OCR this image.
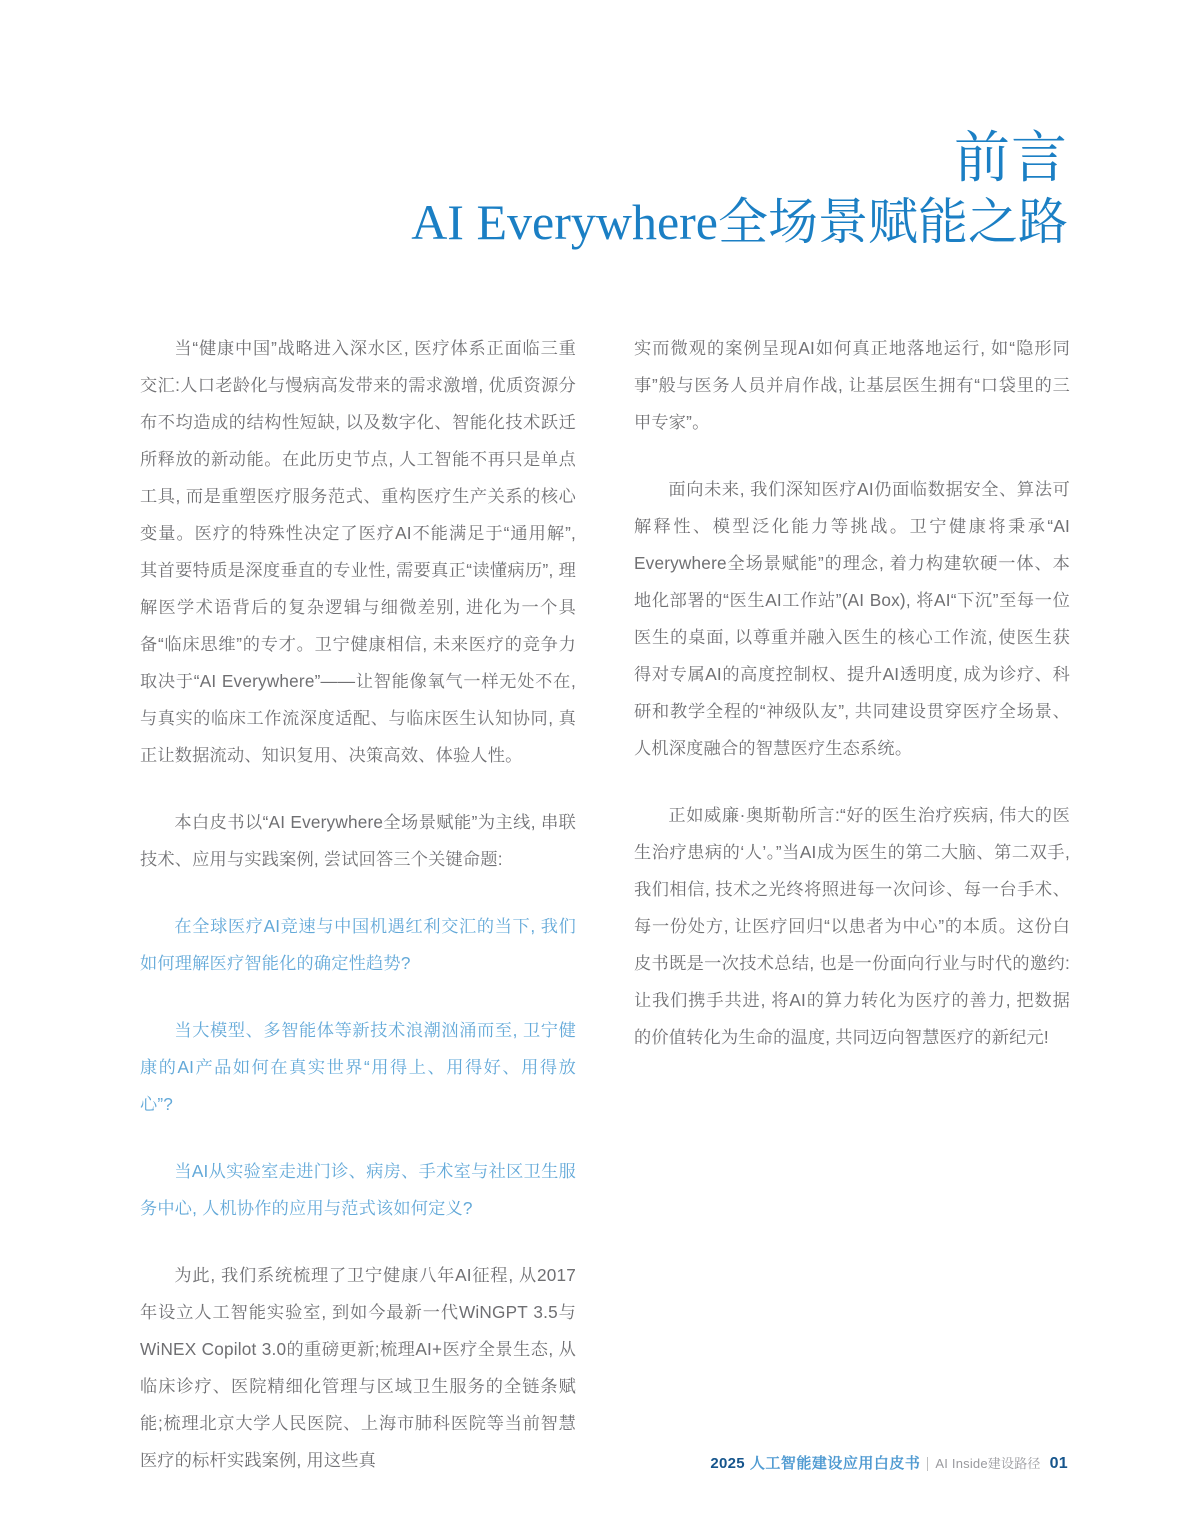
前言
AI Everywhere全场景赋能之路

当“健康中国”战略进入深水区, 医疗体系正面临三重交汇:人口老龄化与慢病高发带来的需求激增, 优质资源分布不均造成的结构性短缺, 以及数字化、智能化技术跃迁所释放的新动能。在此历史节点, 人工智能不再只是单点工具, 而是重塑医疗服务范式、重构医疗生产关系的核心变量。医疗的特殊性决定了医疗AI不能满足于“通用解”, 其首要特质是深度垂直的专业性, 需要真正“读懂病历”, 理解医学术语背后的复杂逻辑与细微差别, 进化为一个具备“临床思维”的专才。卫宁健康相信, 未来医疗的竞争力取决于“AI Everywhere”——让智能像氧气一样无处不在, 与真实的临床工作流深度适配、与临床医生认知协同, 真正让数据流动、知识复用、决策高效、体验人性。

本白皮书以“AI Everywhere全场景赋能”为主线, 串联技术、应用与实践案例, 尝试回答三个关键命题:

在全球医疗AI竞速与中国机遇红利交汇的当下, 我们如何理解医疗智能化的确定性趋势?

当大模型、多智能体等新技术浪潮汹涌而至, 卫宁健康的AI产品如何在真实世界“用得上、用得好、用得放心”?

当AI从实验室走进门诊、病房、手术室与社区卫生服务中心, 人机协作的应用与范式该如何定义?

为此, 我们系统梳理了卫宁健康八年AI征程, 从2017年设立人工智能实验室, 到如今最新一代WiNGPT 3.5与WiNEX Copilot 3.0的重磅更新;梳理AI+医疗全景生态, 从临床诊疗、医院精细化管理与区域卫生服务的全链条赋能;梳理北京大学人民医院、上海市肺科医院等当前智慧医疗的标杆实践案例, 用这些真

实而微观的案例呈现AI如何真正地落地运行, 如“隐形同事”般与医务人员并肩作战, 让基层医生拥有“口袋里的三甲专家”。

面向未来, 我们深知医疗AI仍面临数据安全、算法可解释性、模型泛化能力等挑战。卫宁健康将秉承“AI Everywhere全场景赋能”的理念, 着力构建软硬一体、本地化部署的“医生AI工作站”(AI Box), 将AI“下沉”至每一位医生的桌面, 以尊重并融入医生的核心工作流, 使医生获得对专属AI的高度控制权、提升AI透明度, 成为诊疗、科研和教学全程的“神级队友”, 共同建设贯穿医疗全场景、人机深度融合的智慧医疗生态系统。

正如威廉·奥斯勒所言:“好的医生治疗疾病, 伟大的医生治疗患病的‘人’。”当AI成为医生的第二大脑、第二双手, 我们相信, 技术之光终将照进每一次问诊、每一台手术、每一份处方, 让医疗回归“以患者为中心”的本质。这份白皮书既是一次技术总结, 也是一份面向行业与时代的邀约:让我们携手共进, 将AI的算力转化为医疗的善力, 把数据的价值转化为生命的温度, 共同迈向智慧医疗的新纪元!

2025 人工智能建设应用白皮书 AI Inside建设路径 01
